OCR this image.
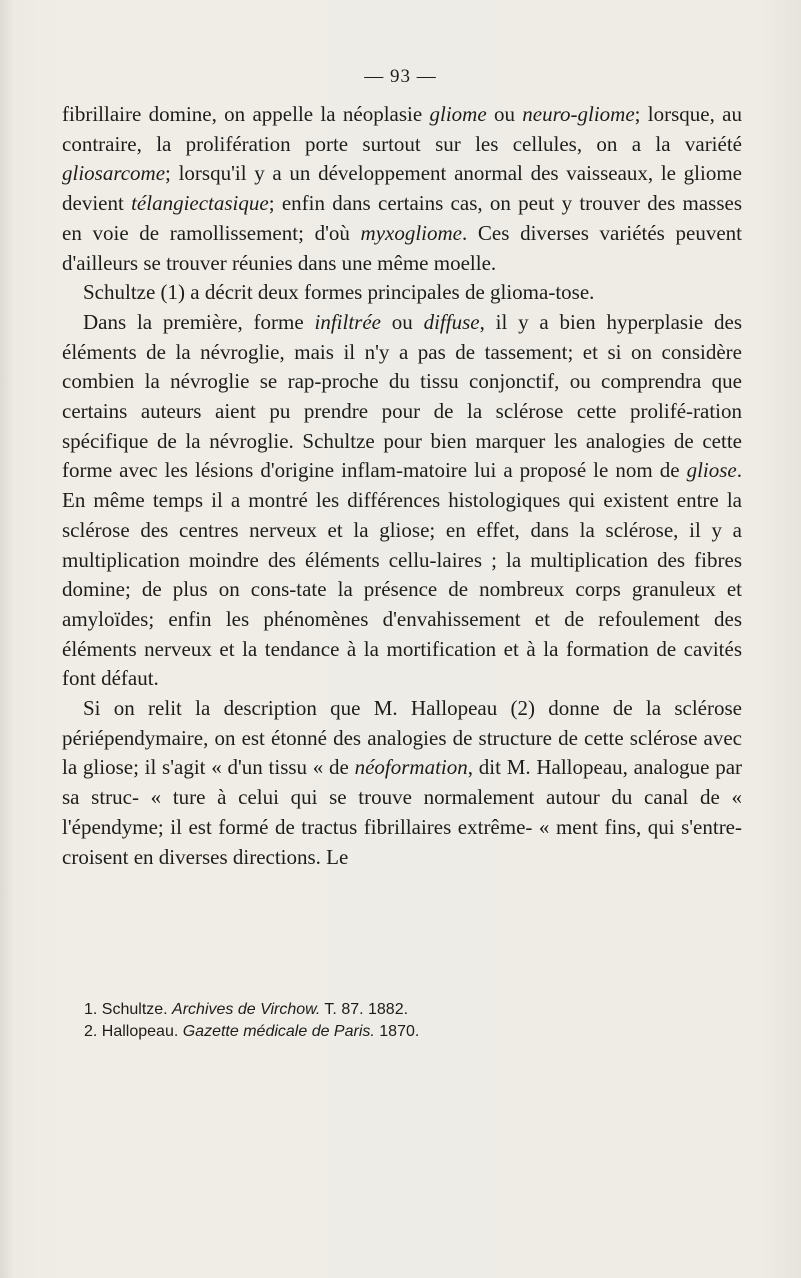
— 93 —

fibrillaire domine, on appelle la néoplasie gliome ou neuro-gliome; lorsque, au contraire, la prolifération porte surtout sur les cellules, on a la variété gliosarcome; lorsqu'il y a un développement anormal des vaisseaux, le gliome devient télangiectasique; enfin dans certains cas, on peut y trouver des masses en voie de ramollissement; d'où myxogliome. Ces diverses variétés peuvent d'ailleurs se trouver réunies dans une même moelle.

Schultze (1) a décrit deux formes principales de glioma-tose.

Dans la première, forme infiltrée ou diffuse, il y a bien hyperplasie des éléments de la névroglie, mais il n'y a pas de tassement; et si on considère combien la névroglie se rap-proche du tissu conjonctif, ou comprendra que certains auteurs aient pu prendre pour de la sclérose cette prolifé-ration spécifique de la névroglie. Schultze pour bien marquer les analogies de cette forme avec les lésions d'origine inflam-matoire lui a proposé le nom de gliose. En même temps il a montré les différences histologiques qui existent entre la sclérose des centres nerveux et la gliose; en effet, dans la sclérose, il y a multiplication moindre des éléments cellu-laires ; la multiplication des fibres domine; de plus on cons-tate la présence de nombreux corps granuleux et amyloïdes; enfin les phénomènes d'envahissement et de refoulement des éléments nerveux et la tendance à la mortification et à la formation de cavités font défaut.

Si on relit la description que M. Hallopeau (2) donne de la sclérose périépendymaire, on est étonné des analogies de structure de cette sclérose avec la gliose; il s'agit « d'un tissu « de néoformation, dit M. Hallopeau, analogue par sa struc- « ture à celui qui se trouve normalement autour du canal de « l'épendyme; il est formé de tractus fibrillaires extrême- « ment fins, qui s'entre-croisent en diverses directions. Le

1. Schultze. Archives de Virchow. T. 87. 1882.

2. Hallopeau. Gazette médicale de Paris. 1870.
